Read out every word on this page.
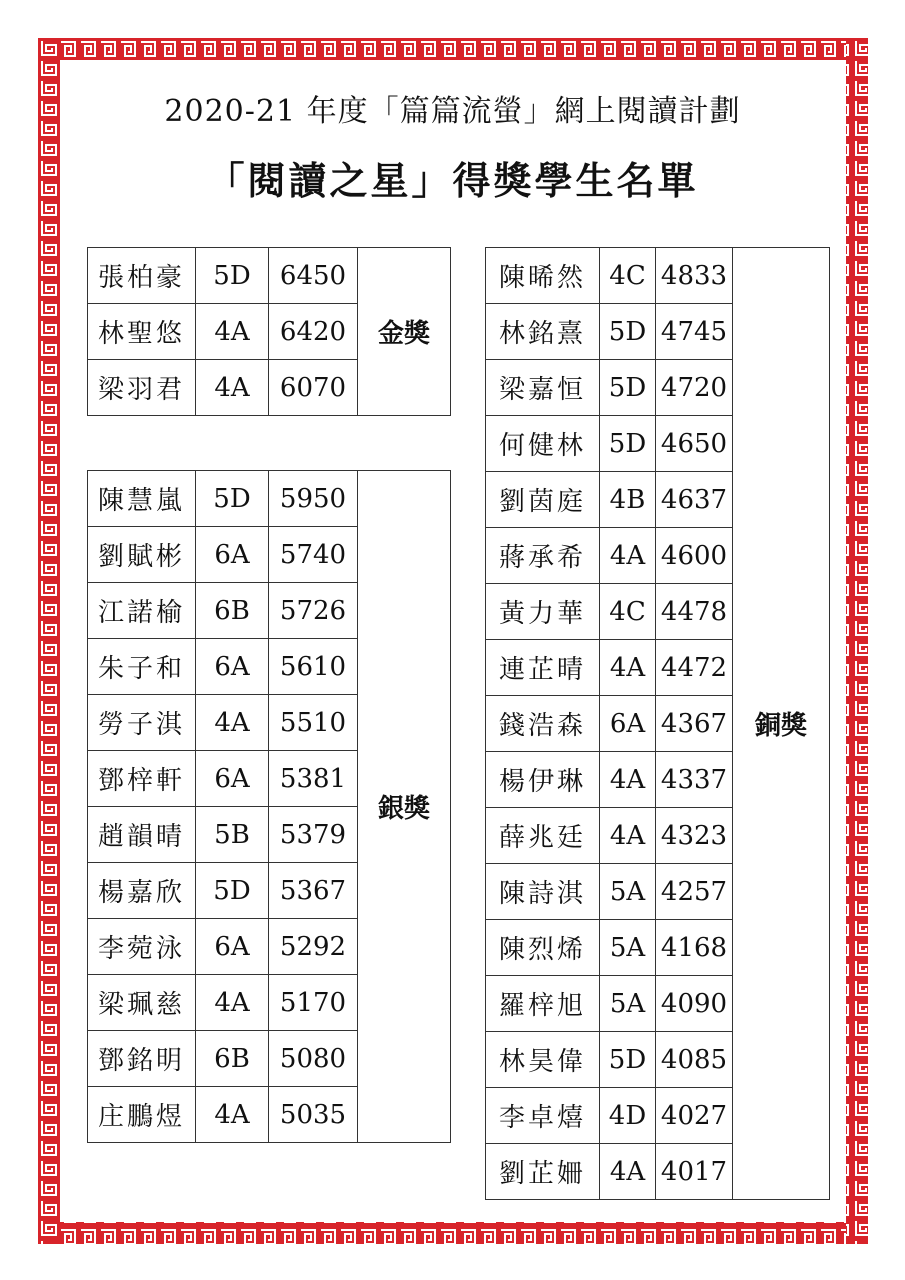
2020-21 年度「篇篇流螢」網上閱讀計劃
「閱讀之星」得獎學生名單
張柏豪	5D	6450	金獎
林聖悠	4A	6420	
梁羽君	4A	6070	
陳慧嵐	5D	5950	銀獎
劉賦彬	6A	5740	
江諾榆	6B	5726	
朱子和	6A	5610	
勞子淇	4A	5510	
鄧梓軒	6A	5381	
趙韻晴	5B	5379	
楊嘉欣	5D	5367	
李菀泳	6A	5292	
梁珮慈	4A	5170	
鄧銘明	6B	5080	
庄鵬煜	4A	5035	
陳晞然	4C	4833	銅獎
林銘熹	5D	4745	
梁嘉恒	5D	4720	
何健林	5D	4650	
劉茵庭	4B	4637	
蔣承希	4A	4600	
黃力華	4C	4478	
連芷晴	4A	4472	
錢浩森	6A	4367	
楊伊琳	4A	4337	
薛兆廷	4A	4323	
陳詩淇	5A	4257	
陳烈烯	5A	4168	
羅梓旭	5A	4090	
林昊偉	5D	4085	
李卓熺	4D	4027	
劉芷姍	4A	4017	
